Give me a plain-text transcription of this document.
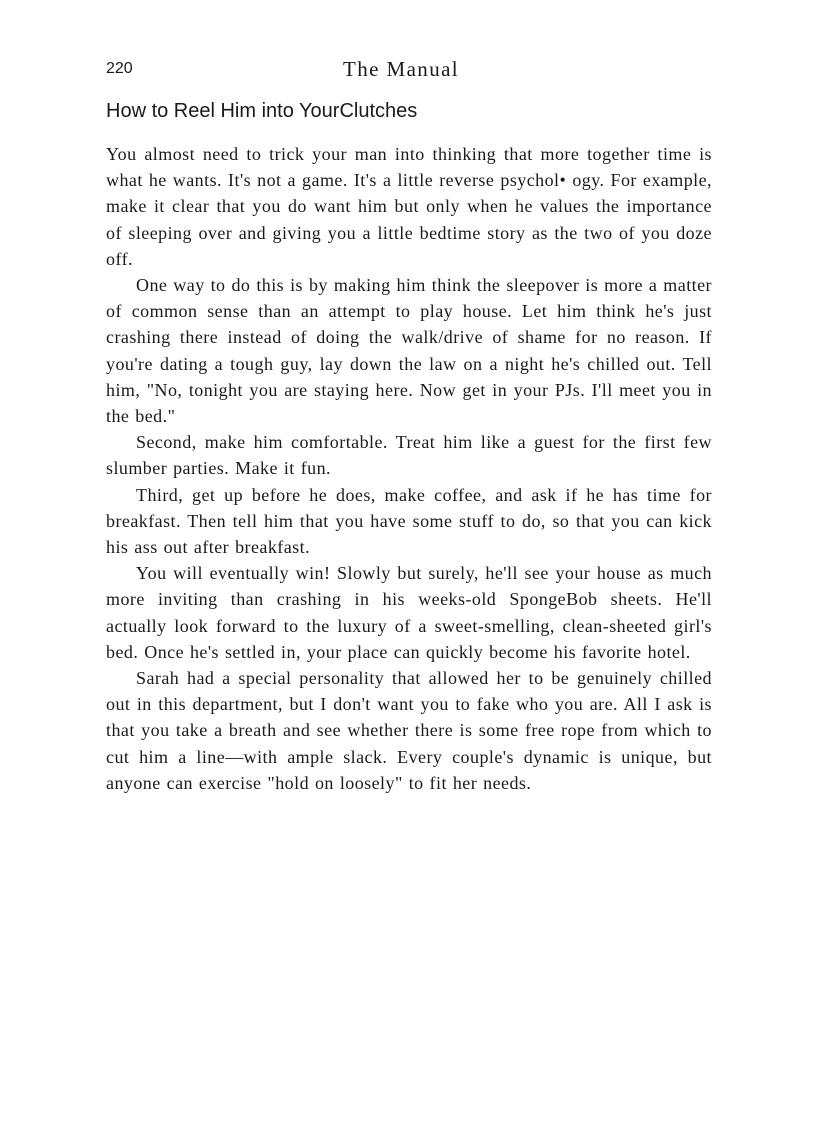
220	The Manual
How to Reel Him into YourClutches

You almost need to trick your man into thinking that more together time is what he wants. It's not a game. It's a little reverse psychol• ogy. For example, make it clear that you do want him but only when he values the importance of sleeping over and giving you a little bedtime story as the two of you doze off.

One way to do this is by making him think the sleepover is more a matter of common sense than an attempt to play house. Let him think he's just crashing there instead of doing the walk/drive of shame for no reason. If you're dating a tough guy, lay down the law on a night he's chilled out. Tell him, "No, tonight you are staying here. Now get in your PJs. I'll meet you in the bed."

Second, make him comfortable. Treat him like a guest for the first few slumber parties. Make it fun.

Third, get up before he does, make coffee, and ask if he has time for breakfast. Then tell him that you have some stuff to do, so that you can kick his ass out after breakfast.

You will eventually win! Slowly but surely, he'll see your house as much more inviting than crashing in his weeks-old SpongeBob sheets. He'll actually look forward to the luxury of a sweet-smelling, clean-sheeted girl's bed. Once he's settled in, your place can quickly become his favorite hotel.

Sarah had a special personality that allowed her to be genuinely chilled out in this department, but I don't want you to fake who you are. All I ask is that you take a breath and see whether there is some free rope from which to cut him a line—with ample slack. Every couple's dynamic is unique, but anyone can exercise "hold on loosely" to fit her needs.
